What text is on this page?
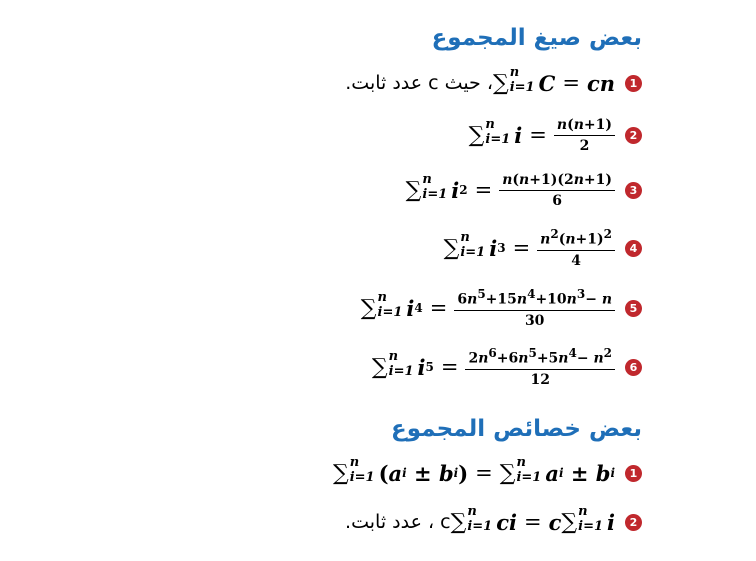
بعض صيغ المجموع
1
∑ n
i=1 C = cn
، حيث c عدد ثابت.
2
∑ n
i=1 $i = \frac{n(n+1)}{2}$
3
∑ n
i=1 i $2 = \frac{n(n+1)(2n+1)}{6}$
4
∑ n
i=1 i $3 = \frac{n^2(n+1)^2}{4}$
5
∑ n
i=1 i $4 = \frac{6n^5+15n^4+10n^3- n}{30}$
6
∑ n
i=1 i $5 = \frac{2n^6+6n^5+5n^4- n^2}{12}$
بعض خصائص المجموع
1
∑ n
i=1 ( a i ± b i ) = ∑ n
i=1 a i ± b i
2
∑ n
i=1 ci = c ∑ n
i=1 i
c ، عدد ثابت.
